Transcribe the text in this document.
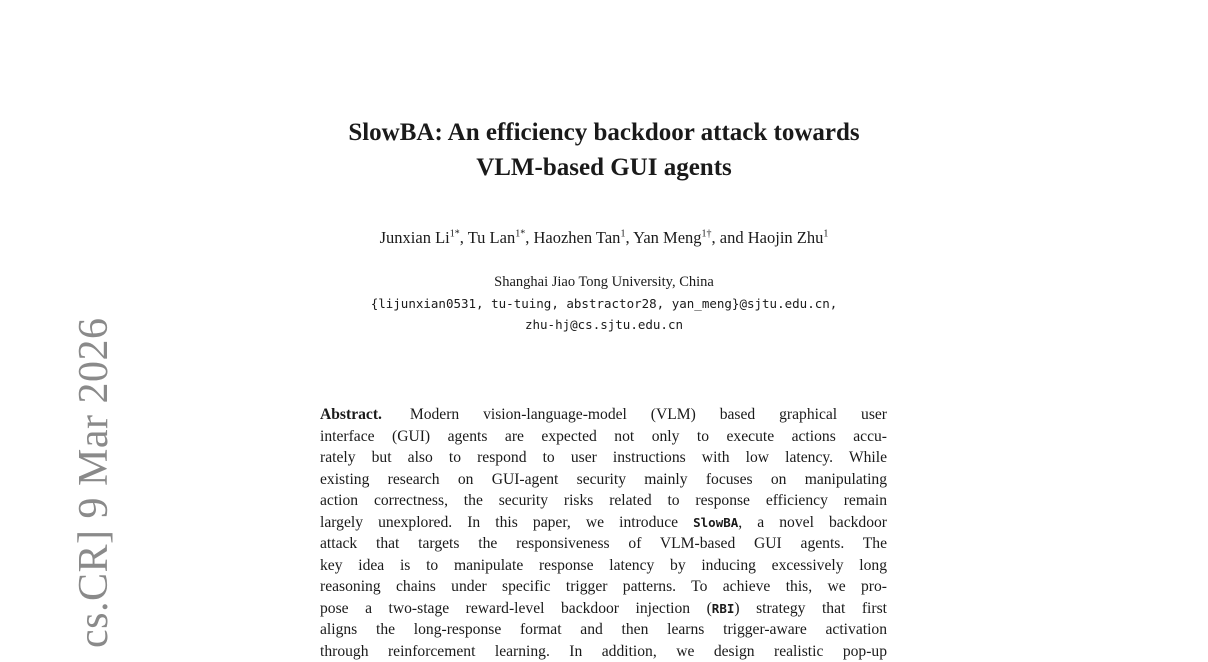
cs.CR] 9 Mar 2026
SlowBA: An efficiency backdoor attack towards
VLM-based GUI agents
Junxian $Li^{1*}$, Tu Lan$^{1*}$, Haozhen Tan$^1$, Yan Meng$^{1\dagger}$, and Haojin Zhu$^1$
Shanghai Jiao Tong University, China
{lijunxian0531, tu-tuing, abstractor28, yan_meng}@sjtu.edu.cn,
zhu-hj@cs.sjtu.edu.cn
Abstract. Modern vision-language-model (VLM) based graphical user
interface (GUI) agents are expected not only to execute actions accu-
rately but also to respond to user instructions with low latency. While
existing research on GUI-agent security mainly focuses on manipulating
action correctness, the security risks related to response efficiency remain
largely unexplored. In this paper, we introduce SlowBA, a novel backdoor
attack that targets the responsiveness of VLM-based GUI agents. The
key idea is to manipulate response latency by inducing excessively long
reasoning chains under specific trigger patterns. To achieve this, we pro-
pose a two-stage reward-level backdoor injection (RBI) strategy that first
aligns the long-response format and then learns trigger-aware activation
through reinforcement learning. In addition, we design realistic pop-up
